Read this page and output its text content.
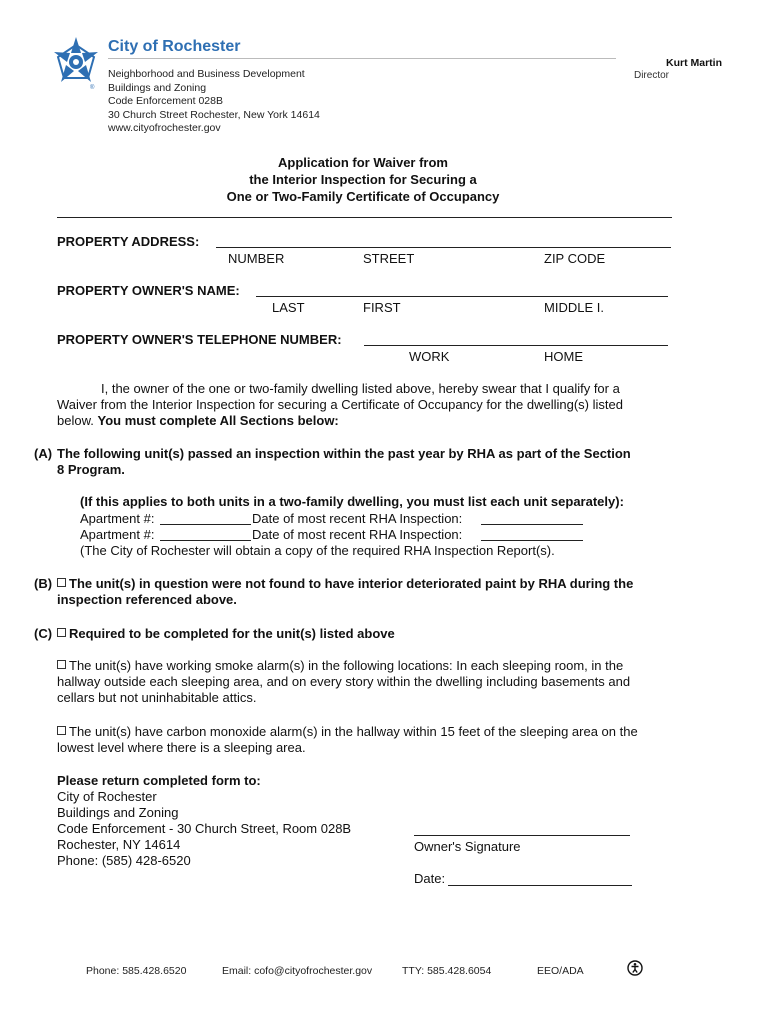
®
City of Rochester
Neighborhood and Business Development
Buildings and Zoning
Code Enforcement 028B
30 Church Street Rochester, New York 14614
www.cityofrochester.gov
Kurt Martin
Director
Application for Waiver from
the Interior Inspection for Securing a
One or Two-Family Certificate of Occupancy
PROPERTY ADDRESS:
NUMBER	STREET	ZIP CODE
PROPERTY OWNER'S NAME:
LAST	FIRST	MIDDLE I.
PROPERTY OWNER'S TELEPHONE NUMBER:
WORK	HOME
I, the owner of the one or two-family dwelling listed above, hereby swear that I qualify for a
Waiver from the Interior Inspection for securing a Certificate of Occupancy for the dwelling(s) listed
below. You must complete All Sections below:
(A) The following unit(s) passed an inspection within the past year by RHA as part of the Section
8 Program.
(If this applies to both units in a two-family dwelling, you must list each unit separately):
Apartment #:	Date of most recent RHA Inspection:
Apartment #:	Date of most recent RHA Inspection:
(The City of Rochester will obtain a copy of the required RHA Inspection Report(s).
(B)	The unit(s) in question were not found to have interior deteriorated paint by RHA during the
inspection referenced above.
(C)	Required to be completed for the unit(s) listed above
The unit(s) have working smoke alarm(s) in the following locations: In each sleeping room, in the
hallway outside each sleeping area, and on every story within the dwelling including basements and
cellars but not uninhabitable attics.
The unit(s) have carbon monoxide alarm(s) in the hallway within 15 feet of the sleeping area on the
lowest level where there is a sleeping area.
Please return completed form to:
City of Rochester
Buildings and Zoning
Code Enforcement - 30 Church Street, Room 028B
Rochester, NY 14614
Phone: (585) 428-6520
Owner's Signature
Date:
Phone: 585.428.6520	Email: cofo@cityofrochester.gov	TTY: 585.428.6054	EEO/ADA
